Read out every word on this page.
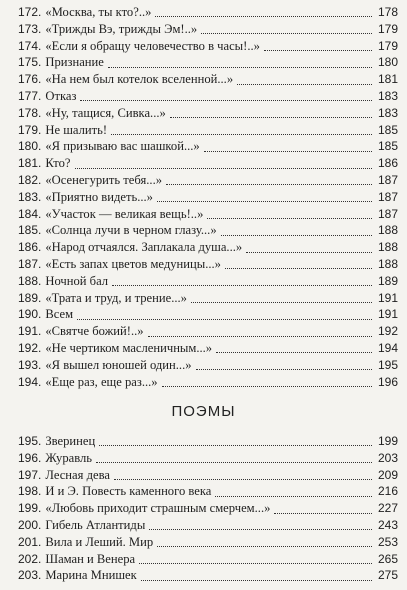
172. «Москва, ты кто?..»	178
173. «Трижды Вэ, трижды Эм!..»	179
174. «Если я обращу человечество в часы!..»	179
175. Признание	180
176. «На нем был котелок вселенной...»	181
177. Отказ	183
178. «Ну, тащися, Сивка...»	183
179. Не шалить!	185
180. «Я призываю вас шашкой...»	185
181. Кто?	186
182. «Осенегурить тебя...»	187
183. «Приятно видеть...»	187
184. «Участок — великая вещь!..»	187
185. «Солнца лучи в черном глазу...»	188
186. «Народ отчаялся. Заплакала душа...»	188
187. «Есть запах цветов медуницы...»	188
188. Ночной бал	189
189. «Трата и труд, и трение...»	191
190. Всем	191
191. «Святче божий!..»	192
192. «Не чертиком масленичным...»	194
193. «Я вышел юношей один...»	195
194. «Еще раз, еще раз...»	196
ПОЭМЫ
195. Зверинец	199
196. Журавль	203
197. Лесная дева	209
198. И и Э. Повесть каменного века	216
199. «Любовь приходит страшным смерчем...»	227
200. Гибель Атлантиды	243
201. Вила и Леший. Мир	253
202. Шаман и Венера	265
203. Марина Мнишек	275
